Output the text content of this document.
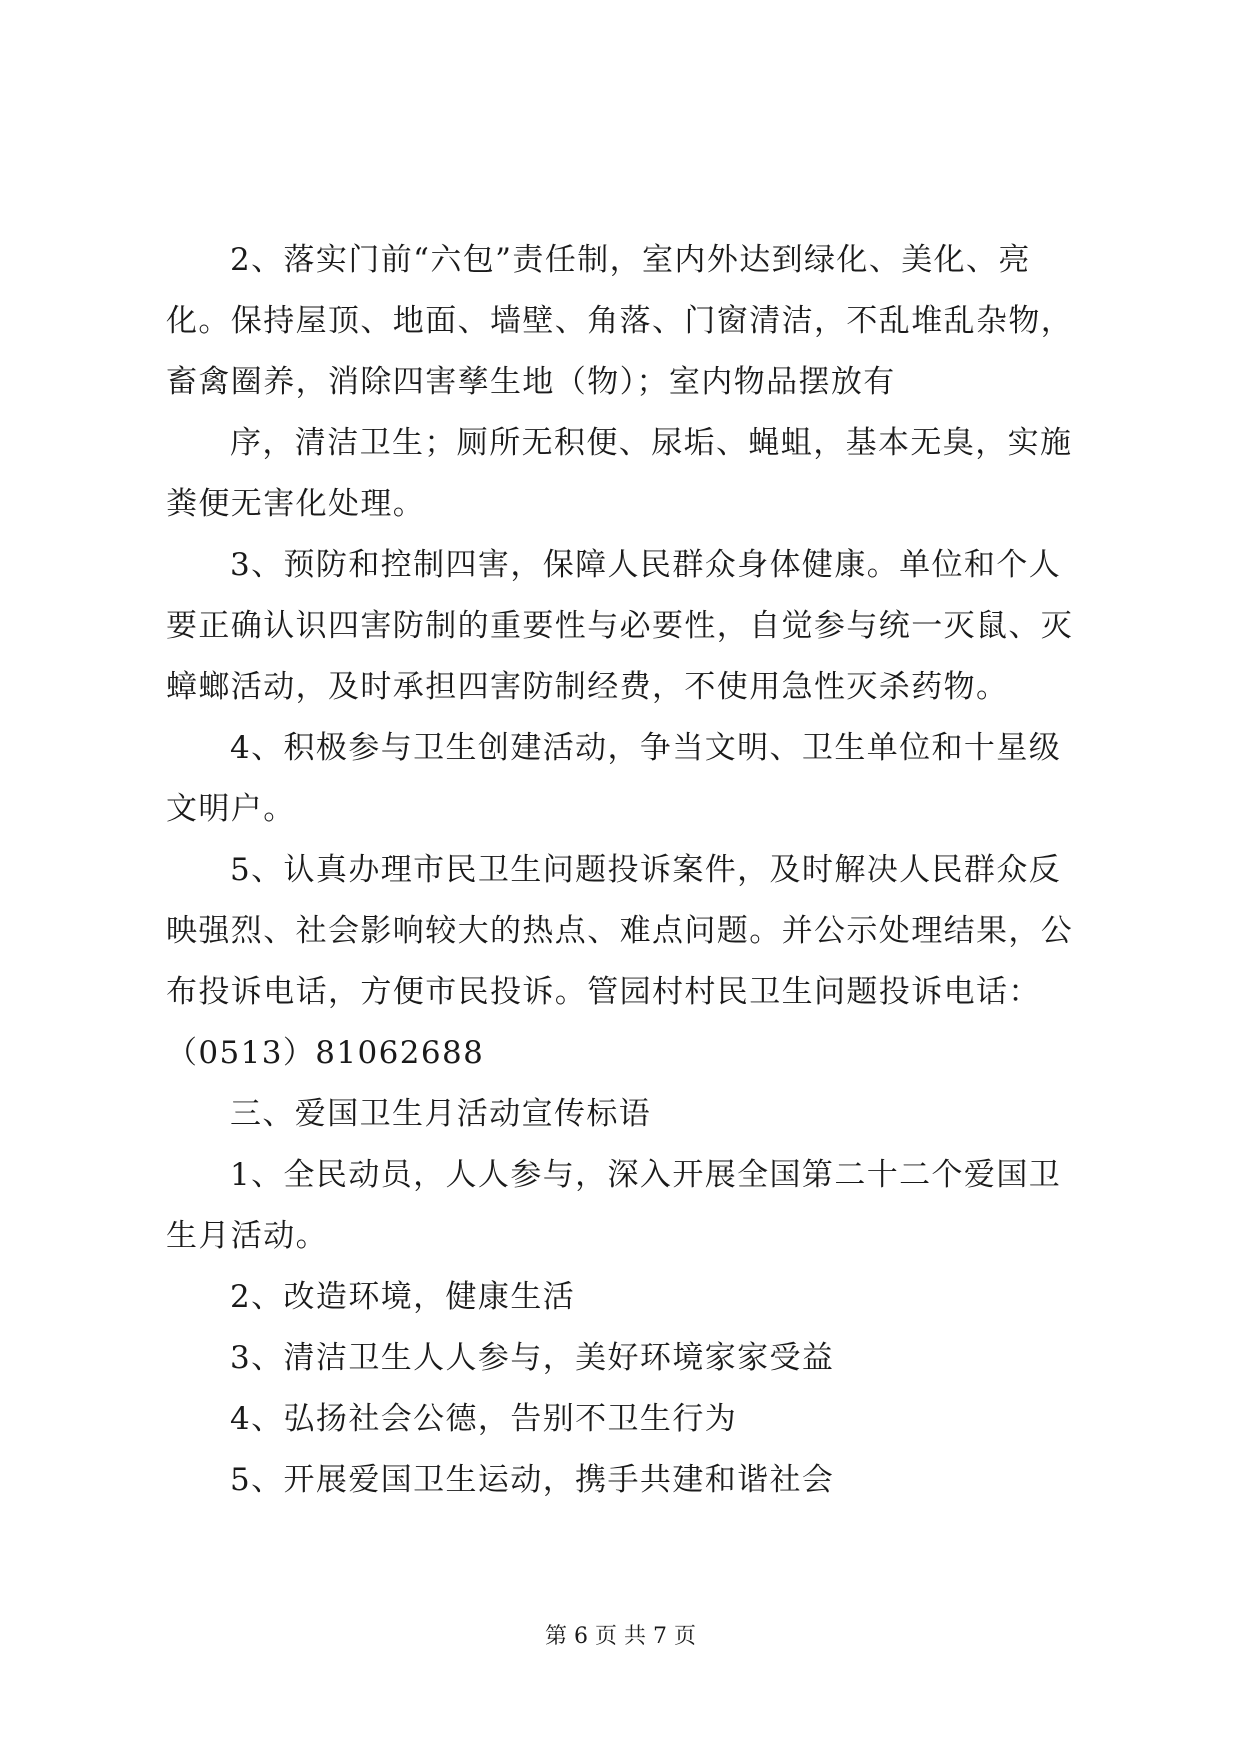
2、落实门前“六包”责任制，室内外达到绿化、美化、亮
化。保持屋顶、地面、墙壁、角落、门窗清洁，不乱堆乱杂物，
畜禽圈养，消除四害孳生地（物）；室内物品摆放有
序，清洁卫生；厕所无积便、尿垢、蝇蛆，基本无臭，实施
粪便无害化处理。
3、预防和控制四害，保障人民群众身体健康。单位和个人
要正确认识四害防制的重要性与必要性，自觉参与统一灭鼠、灭
蟑螂活动，及时承担四害防制经费，不使用急性灭杀药物。
4、积极参与卫生创建活动，争当文明、卫生单位和十星级
文明户。
5、认真办理市民卫生问题投诉案件，及时解决人民群众反
映强烈、社会影响较大的热点、难点问题。并公示处理结果，公
布投诉电话，方便市民投诉。管园村村民卫生问题投诉电话：
（0513）81062688
三、爱国卫生月活动宣传标语
1、全民动员，人人参与，深入开展全国第二十二个爱国卫
生月活动。
2、改造环境，健康生活
3、清洁卫生人人参与，美好环境家家受益
4、弘扬社会公德，告别不卫生行为
5、开展爱国卫生运动，携手共建和谐社会
第 6 页 共 7 页
